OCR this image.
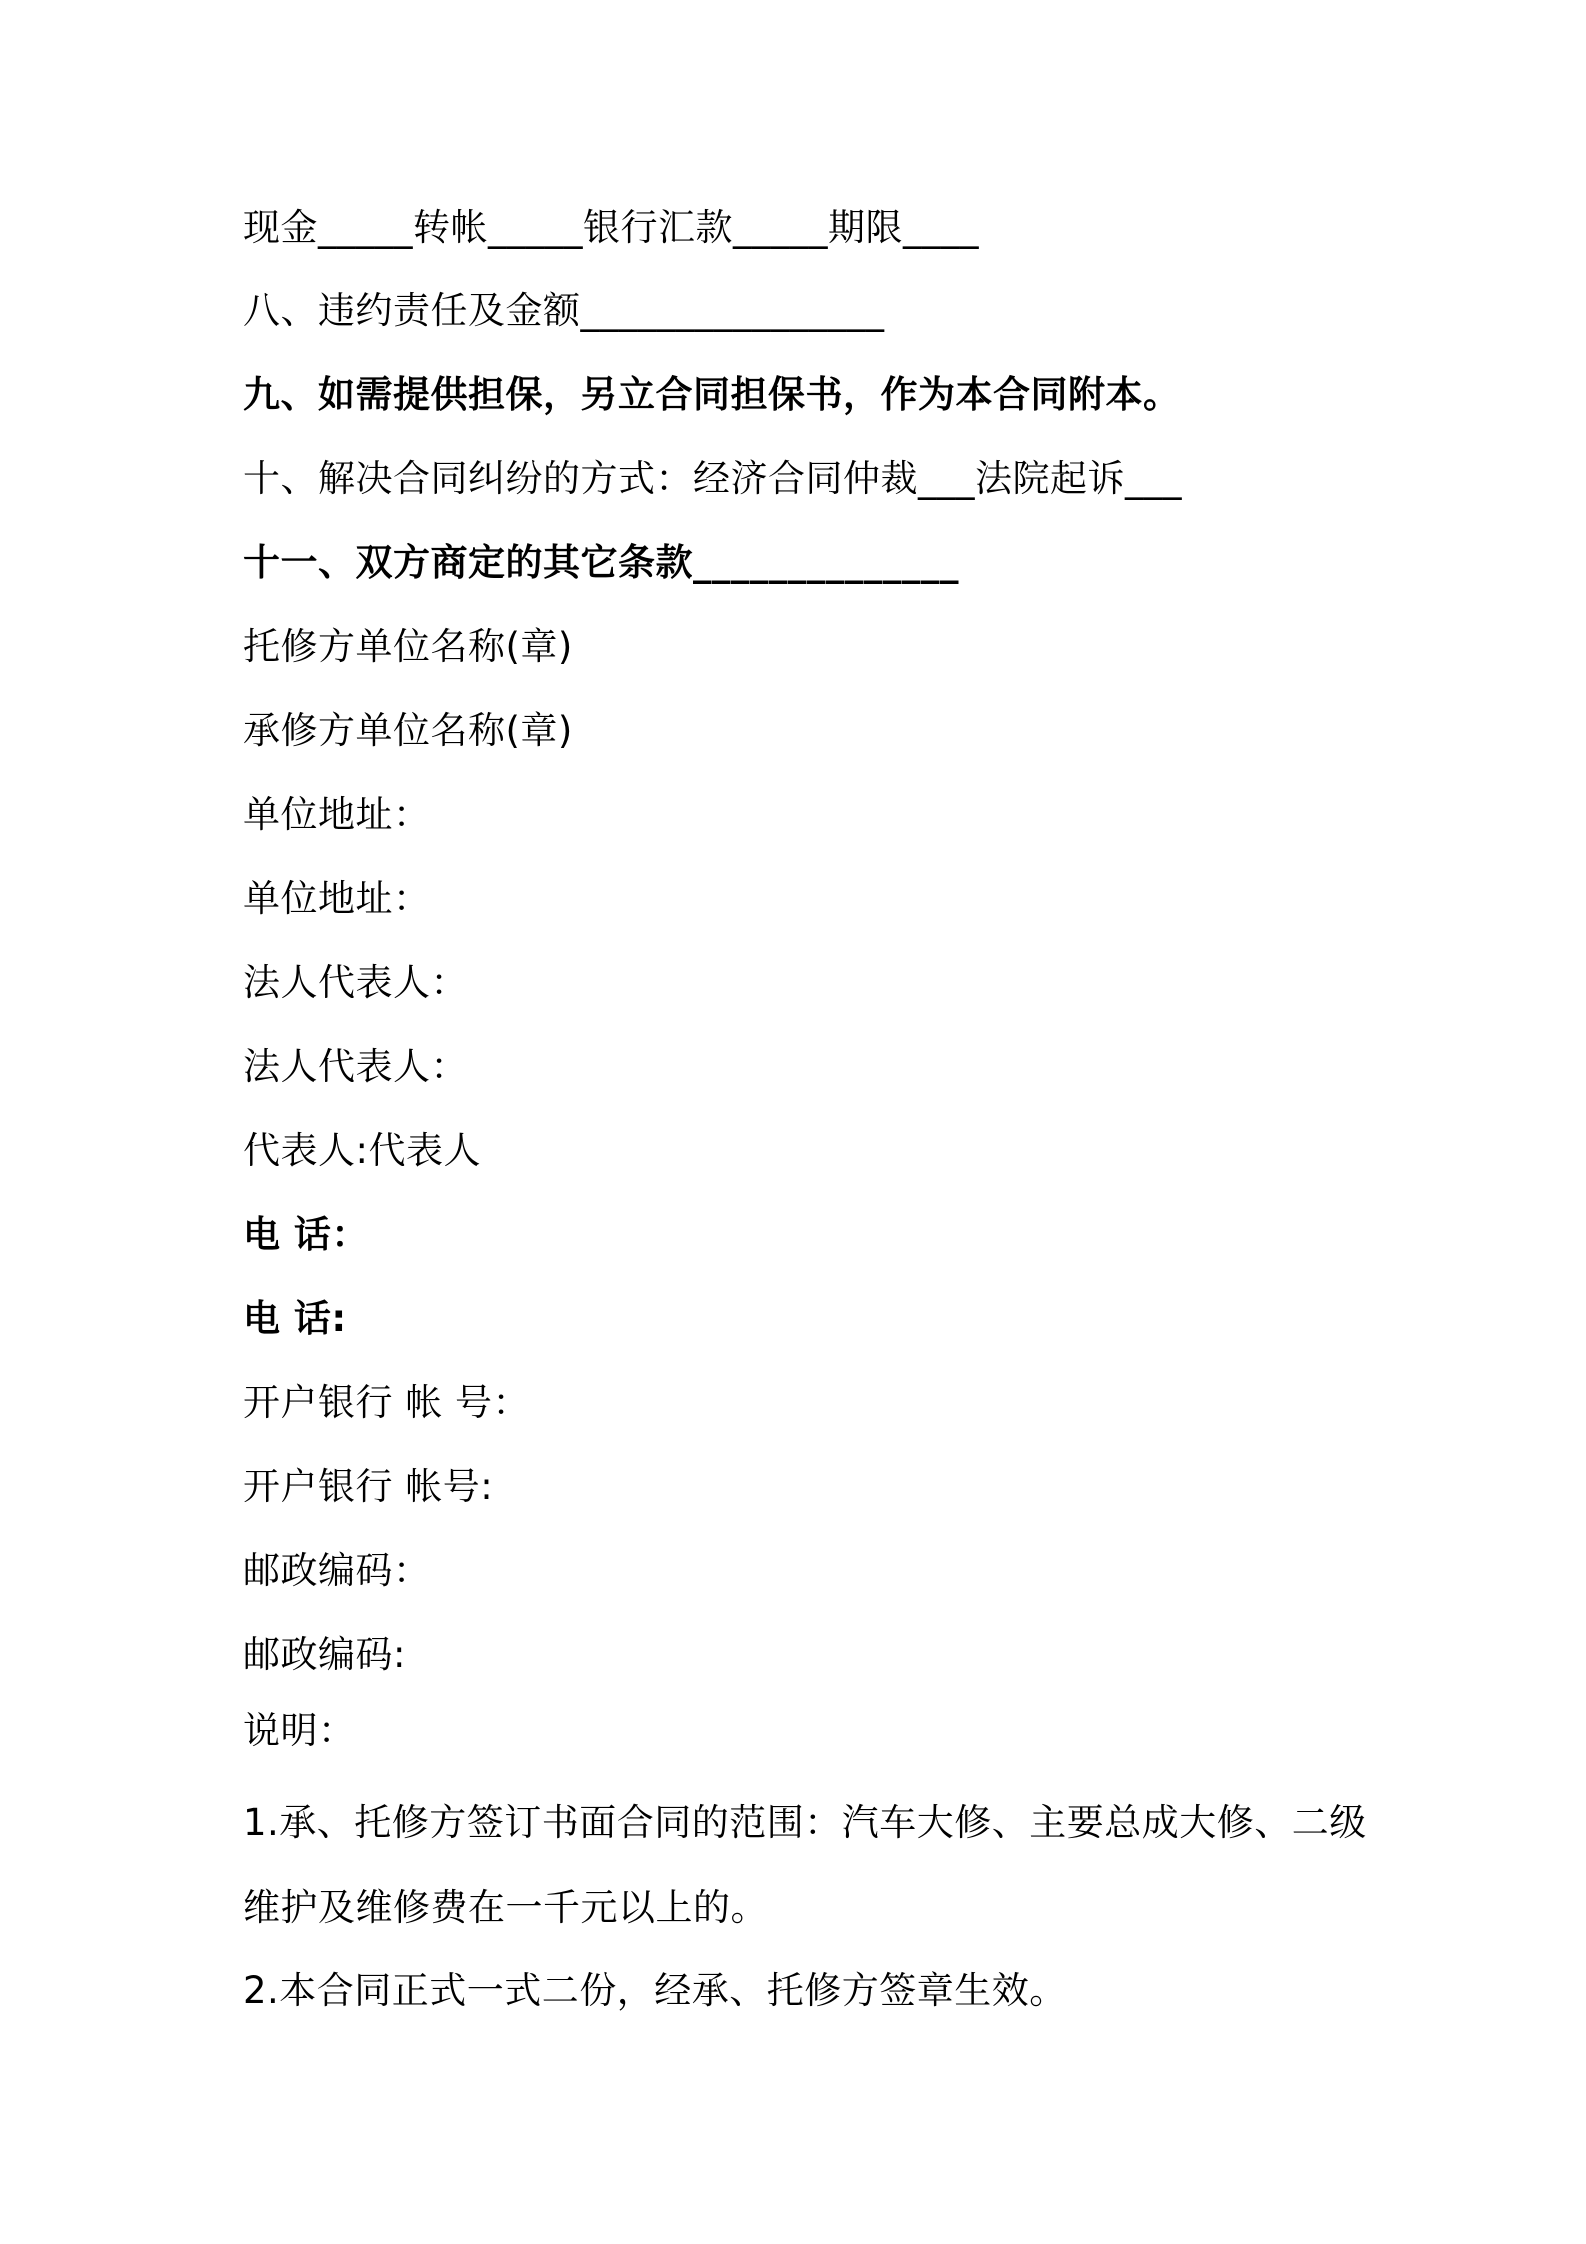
现金_____转帐_____银行汇款_____期限____
八、违约责任及金额________________
九、如需提供担保，另立合同担保书，作为本合同附本。
十、解决合同纠纷的方式：经济合同仲裁___法院起诉___
十一、双方商定的其它条款______________
托修方单位名称(章)
承修方单位名称(章)
单位地址：
单位地址：
法人代表人：
法人代表人：
代表人:代表人
电 话：
电 话:
开户银行 帐 号：
开户银行 帐号:
邮政编码：
邮政编码:
说明：
1.承、托修方签订书面合同的范围：汽车大修、主要总成大修、二级
维护及维修费在一千元以上的。
2.本合同正式一式二份，经承、托修方签章生效。
